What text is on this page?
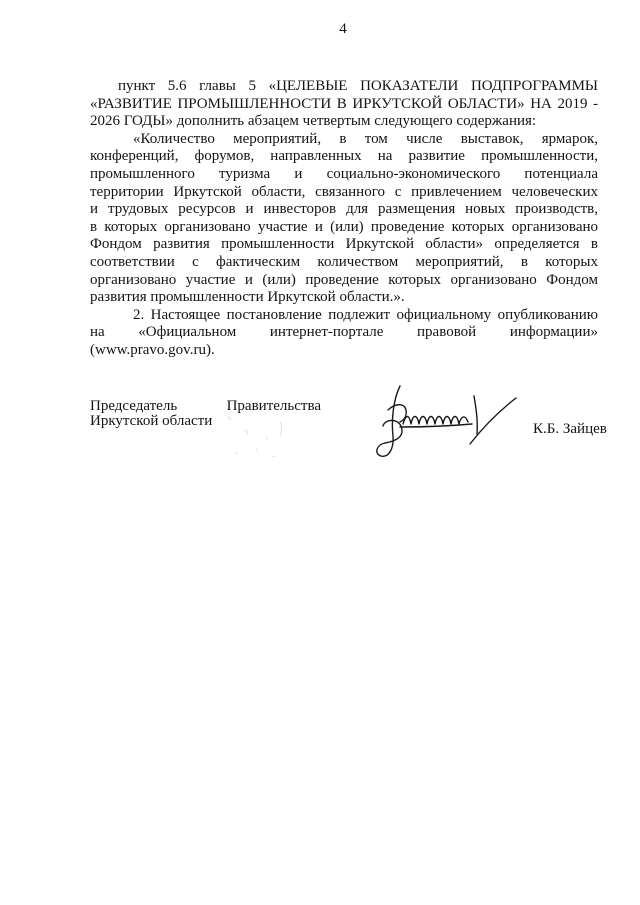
4
пункт 5.6 главы 5 «ЦЕЛЕВЫЕ ПОКАЗАТЕЛИ ПОДПРОГРАММЫ
«РАЗВИТИЕ ПРОМЫШЛЕННОСТИ В ИРКУТСКОЙ ОБЛАСТИ» НА 2019 -
2026 ГОДЫ» дополнить абзацем четвертым следующего содержания:
«Количество мероприятий, в том числе выставок, ярмарок,
конференций, форумов, направленных на развитие промышленности,
промышленного туризма и социально-экономического потенциала
территории Иркутской области, связанного с привлечением человеческих
и трудовых ресурсов и инвесторов для размещения новых производств,
в которых организовано участие и (или) проведение которых организовано
Фондом развития промышленности Иркутской области» определяется в
соответствии с фактическим количеством мероприятий, в которых
организовано участие и (или) проведение которых организовано Фондом
развития промышленности Иркутской области.».
2. Настоящее постановление подлежит официальному опубликованию
на «Официальном интернет-портале правовой информации»
(www.pravo.gov.ru).
Председатель	Правительства
Иркутской области	К.Б. Зайцев
